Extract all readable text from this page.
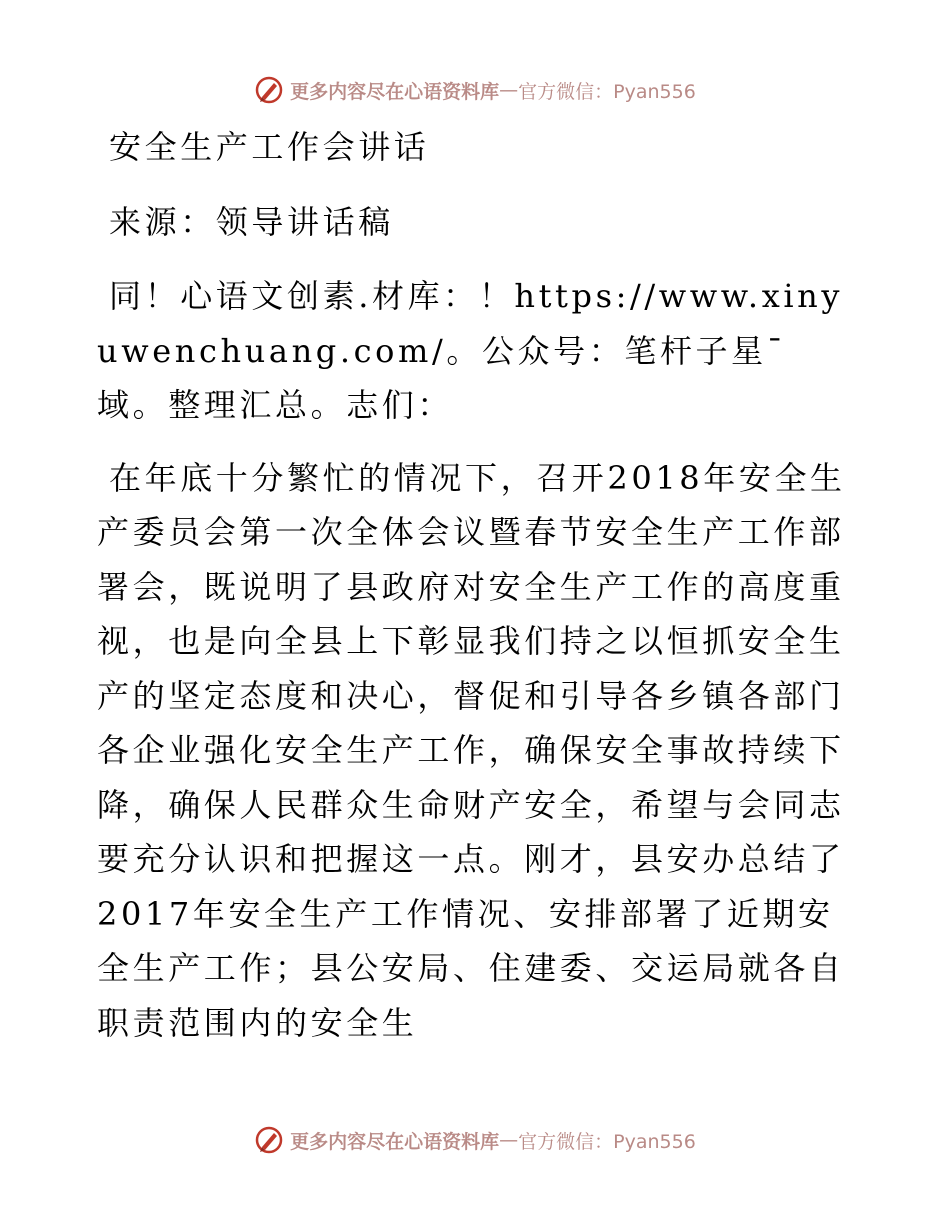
更多内容尽在心语资料库 — 官方微信：Pyan556

安全生产工作会讲话

来源：领导讲话稿

同！心语文创素.材库：！https://www.xinyuwenchuang.com/。公众号：笔杆子星¯域。整理汇总。志们：

在年底十分繁忙的情况下，召开2018年安全生产委员会第一次全体会议暨春节安全生产工作部署会，既说明了县政府对安全生产工作的高度重视，也是向全县上下彰显我们持之以恒抓安全生产的坚定态度和决心，督促和引导各乡镇各部门各企业强化安全生产工作，确保安全事故持续下降，确保人民群众生命财产安全，希望与会同志要充分认识和把握这一点。刚才，县安办总结了2017年安全生产工作情况、安排部署了近期安全生产工作；县公安局、住建委、交运局就各自职责范围内的安全生

更多内容尽在心语资料库 — 官方微信：Pyan556
